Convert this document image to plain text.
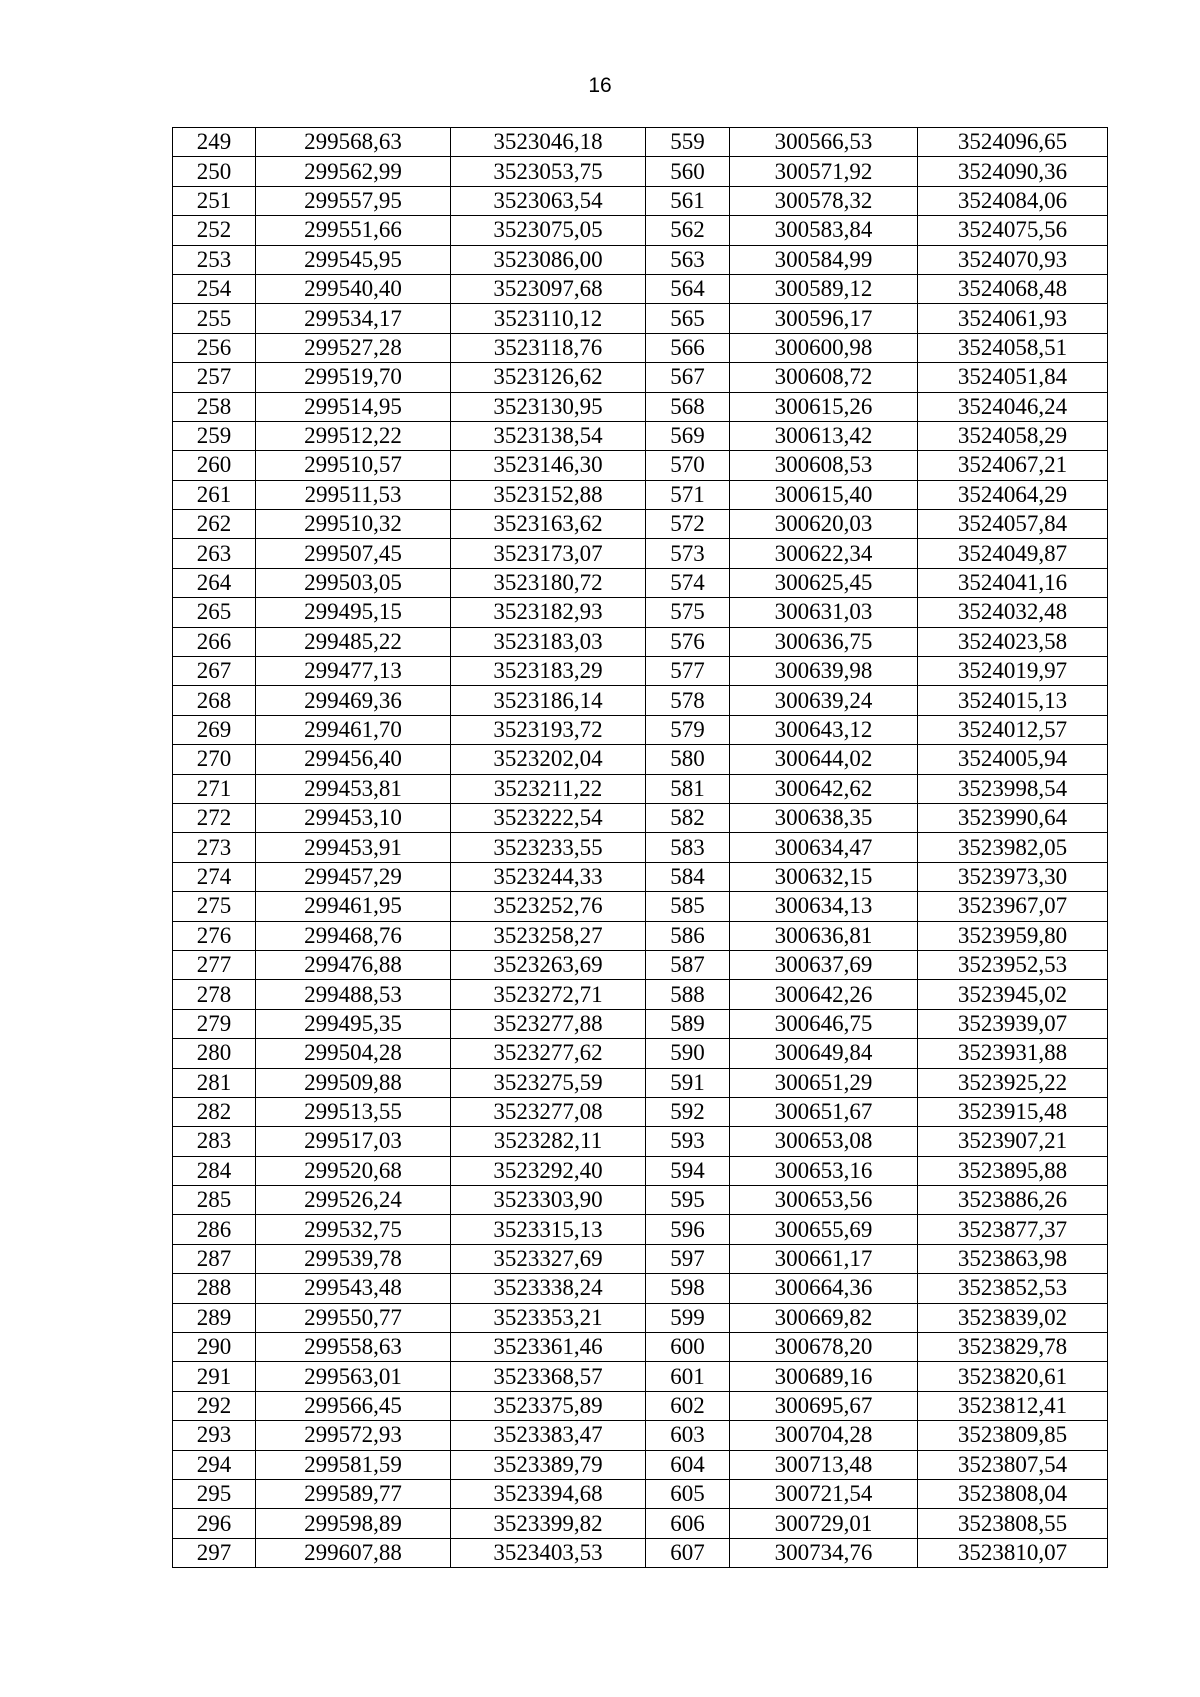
16
249	299568,63	3523046,18	559	300566,53	3524096,65
250	299562,99	3523053,75	560	300571,92	3524090,36
251	299557,95	3523063,54	561	300578,32	3524084,06
252	299551,66	3523075,05	562	300583,84	3524075,56
253	299545,95	3523086,00	563	300584,99	3524070,93
254	299540,40	3523097,68	564	300589,12	3524068,48
255	299534,17	3523110,12	565	300596,17	3524061,93
256	299527,28	3523118,76	566	300600,98	3524058,51
257	299519,70	3523126,62	567	300608,72	3524051,84
258	299514,95	3523130,95	568	300615,26	3524046,24
259	299512,22	3523138,54	569	300613,42	3524058,29
260	299510,57	3523146,30	570	300608,53	3524067,21
261	299511,53	3523152,88	571	300615,40	3524064,29
262	299510,32	3523163,62	572	300620,03	3524057,84
263	299507,45	3523173,07	573	300622,34	3524049,87
264	299503,05	3523180,72	574	300625,45	3524041,16
265	299495,15	3523182,93	575	300631,03	3524032,48
266	299485,22	3523183,03	576	300636,75	3524023,58
267	299477,13	3523183,29	577	300639,98	3524019,97
268	299469,36	3523186,14	578	300639,24	3524015,13
269	299461,70	3523193,72	579	300643,12	3524012,57
270	299456,40	3523202,04	580	300644,02	3524005,94
271	299453,81	3523211,22	581	300642,62	3523998,54
272	299453,10	3523222,54	582	300638,35	3523990,64
273	299453,91	3523233,55	583	300634,47	3523982,05
274	299457,29	3523244,33	584	300632,15	3523973,30
275	299461,95	3523252,76	585	300634,13	3523967,07
276	299468,76	3523258,27	586	300636,81	3523959,80
277	299476,88	3523263,69	587	300637,69	3523952,53
278	299488,53	3523272,71	588	300642,26	3523945,02
279	299495,35	3523277,88	589	300646,75	3523939,07
280	299504,28	3523277,62	590	300649,84	3523931,88
281	299509,88	3523275,59	591	300651,29	3523925,22
282	299513,55	3523277,08	592	300651,67	3523915,48
283	299517,03	3523282,11	593	300653,08	3523907,21
284	299520,68	3523292,40	594	300653,16	3523895,88
285	299526,24	3523303,90	595	300653,56	3523886,26
286	299532,75	3523315,13	596	300655,69	3523877,37
287	299539,78	3523327,69	597	300661,17	3523863,98
288	299543,48	3523338,24	598	300664,36	3523852,53
289	299550,77	3523353,21	599	300669,82	3523839,02
290	299558,63	3523361,46	600	300678,20	3523829,78
291	299563,01	3523368,57	601	300689,16	3523820,61
292	299566,45	3523375,89	602	300695,67	3523812,41
293	299572,93	3523383,47	603	300704,28	3523809,85
294	299581,59	3523389,79	604	300713,48	3523807,54
295	299589,77	3523394,68	605	300721,54	3523808,04
296	299598,89	3523399,82	606	300729,01	3523808,55
297	299607,88	3523403,53	607	300734,76	3523810,07
